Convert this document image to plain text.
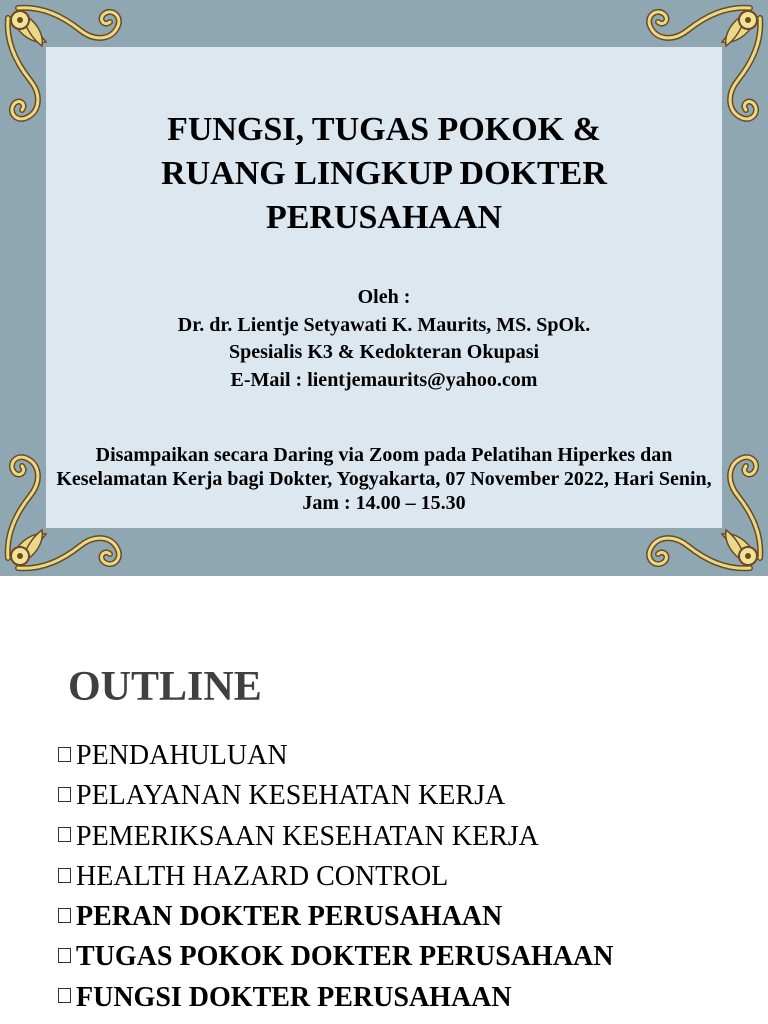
FUNGSI, TUGAS POKOK &
RUANG LINGKUP DOKTER
PERUSAHAAN
Oleh :
Dr. dr. Lientje Setyawati K. Maurits, MS. SpOk.
Spesialis K3 & Kedokteran Okupasi
E-Mail : lientjemaurits@yahoo.com
Disampaikan secara Daring via Zoom pada Pelatihan Hiperkes dan Keselamatan Kerja bagi Dokter, Yogyakarta, 07 November 2022, Hari Senin, Jam : 14.00 – 15.30
OUTLINE
PENDAHULUAN
PELAYANAN KESEHATAN KERJA
PEMERIKSAAN KESEHATAN KERJA
HEALTH HAZARD CONTROL
PERAN DOKTER PERUSAHAAN
TUGAS POKOK DOKTER PERUSAHAAN
FUNGSI DOKTER PERUSAHAAN
